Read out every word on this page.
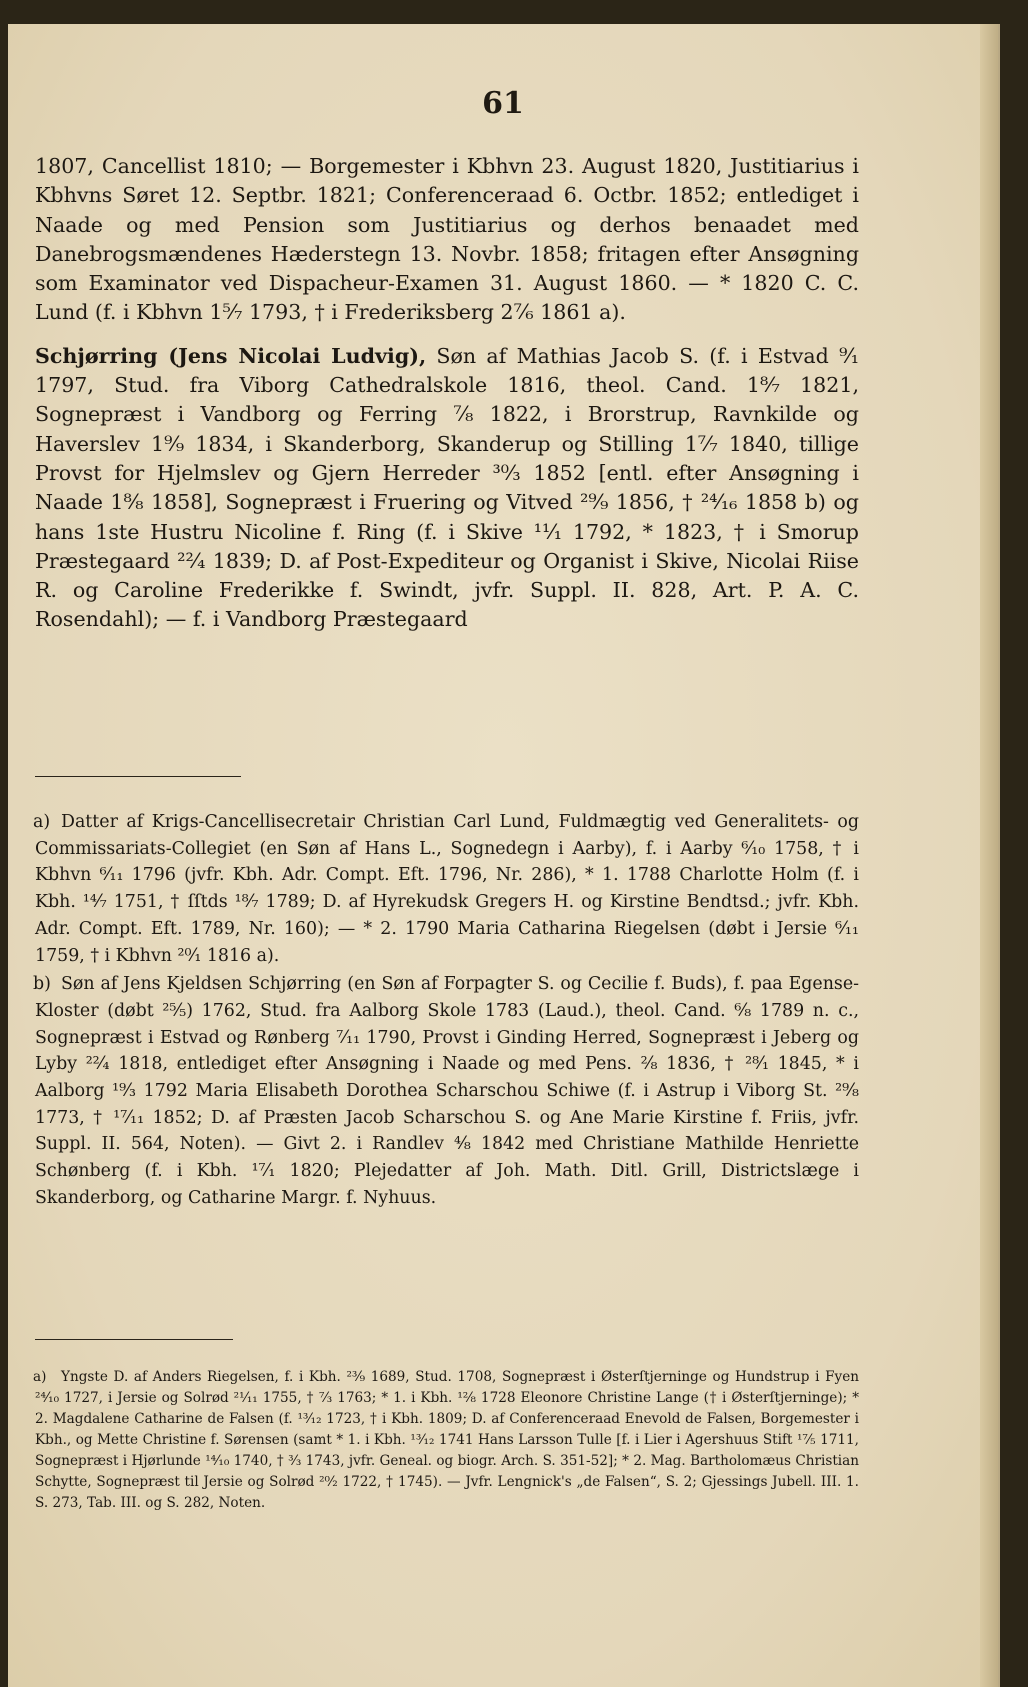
61

1807, Cancellist 1810; — Borgemester i Kbhvn 23. August 1820, Justitiarius i Kbhvns Søret 12. Septbr. 1821; Conferenceraad 6. Octbr. 1852; entlediget i Naade og med Pension som Justitiarius og derhos benaadet med Danebrogsmændenes Hæderstegn 13. Novbr. 1858; fritagen efter Ansøgning som Examinator ved Dispacheur-Examen 31. August 1860. — * 1820 C. C. Lund (f. i Kbhvn 1⁵⁄₇ 1793, † i Frederiksberg 2⁷⁄₆ 1861 a).

Schjørring (Jens Nicolai Ludvig), Søn af Mathias Jacob S. (f. i Estvad ⁹⁄₁ 1797, Stud. fra Viborg Cathedralskole 1816, theol. Cand. 1⁸⁄₇ 1821, Sognepræst i Vandborg og Ferring ⁷⁄₈ 1822, i Brorstrup, Ravnkilde og Haverslev 1⁹⁄₉ 1834, i Skanderborg, Skanderup og Stilling 1⁷⁄₇ 1840, tillige Provst for Hjelmslev og Gjern Herreder ³⁰⁄₃ 1852 [entl. efter Ansøgning i Naade 1⁸⁄₈ 1858], Sognepræst i Fruering og Vitved ²⁹⁄₉ 1856, † ²⁴⁄₁₆ 1858 b) og hans 1ste Hustru Nicoline f. Ring (f. i Skive ¹¹⁄₁ 1792, * 1823, † i Smorup Præstegaard ²²⁄₄ 1839; D. af Post-Expediteur og Organist i Skive, Nicolai Riise R. og Caroline Frederikke f. Swindt, jvfr. Suppl. II. 828, Art. P. A. C. Rosendahl); — f. i Vandborg Præstegaard

a) Datter af Krigs-Cancellisecretair Christian Carl Lund, Fuldmægtig ved Generalitets- og Commissariats-Collegiet (en Søn af Hans L., Sognedegn i Aarby), f. i Aarby ⁶⁄₁₀ 1758, † i Kbhvn ⁶⁄₁₁ 1796 (jvfr. Kbh. Adr. Compt. Eft. 1796, Nr. 286), * 1. 1788 Charlotte Holm (f. i Kbh. ¹⁴⁄₇ 1751, † ſſtds ¹⁸⁄₇ 1789; D. af Hyrekudsk Gregers H. og Kirstine Bendtsd.; jvfr. Kbh. Adr. Compt. Eft. 1789, Nr. 160); — * 2. 1790 Maria Catharina Riegelsen (døbt i Jersie ⁶⁄₁₁ 1759, † i Kbhvn ²⁰⁄₁ 1816 a).

b) Søn af Jens Kjeldsen Schjørring (en Søn af Forpagter S. og Cecilie f. Buds), f. paa Egense-Kloster (døbt ²⁵⁄₅) 1762, Stud. fra Aalborg Skole 1783 (Laud.), theol. Cand. ⁶⁄₈ 1789 n. c., Sognepræst i Estvad og Rønberg ⁷⁄₁₁ 1790, Provst i Ginding Herred, Sognepræst i Jeberg og Lyby ²²⁄₄ 1818, entlediget efter Ansøgning i Naade og med Pens. ²⁄₈ 1836, † ²⁸⁄₁ 1845, * i Aalborg ¹⁹⁄₃ 1792 Maria Elisabeth Dorothea Scharschou Schiwe (f. i Astrup i Viborg St. ²⁹⁄₈ 1773, † ¹⁷⁄₁₁ 1852; D. af Præsten Jacob Scharschou S. og Ane Marie Kirstine f. Friis, jvfr. Suppl. II. 564, Noten). — Givt 2. i Randlev ⁴⁄₈ 1842 med Christiane Mathilde Henriette Schønberg (f. i Kbh. ¹⁷⁄₁ 1820; Plejedatter af Joh. Math. Ditl. Grill, Districtslæge i Skanderborg, og Catharine Margr. f. Nyhuus.

a) Yngste D. af Anders Riegelsen, f. i Kbh. ²³⁄₉ 1689, Stud. 1708, Sognepræst i Østerſtjerninge og Hundstrup i Fyen ²⁴⁄₁₀ 1727, i Jersie og Solrød ²¹⁄₁₁ 1755, † ⁷⁄₃ 1763; * 1. i Kbh. ¹²⁄₈ 1728 Eleonore Christine Lange († i Østerſtjerninge); * 2. Magdalene Catharine de Falsen (f. ¹³⁄₁₂ 1723, † i Kbh. 1809; D. af Conferenceraad Enevold de Falsen, Borgemester i Kbh., og Mette Christine f. Sørensen (samt * 1. i Kbh. ¹³⁄₁₂ 1741 Hans Larsson Tulle [f. i Lier i Agershuus Stift ¹⁷⁄₅ 1711, Sognepræst i Hjørlunde ¹⁴⁄₁₀ 1740, † ³⁄₃ 1743, jvfr. Geneal. og biogr. Arch. S. 351-52]; * 2. Mag. Bartholomæus Christian Schytte, Sognepræst til Jersie og Solrød ²⁰⁄₂ 1722, † 1745). — Jvfr. Lengnick's „de Falsen“, S. 2; Gjessings Jubell. III. 1. S. 273, Tab. III. og S. 282, Noten.
